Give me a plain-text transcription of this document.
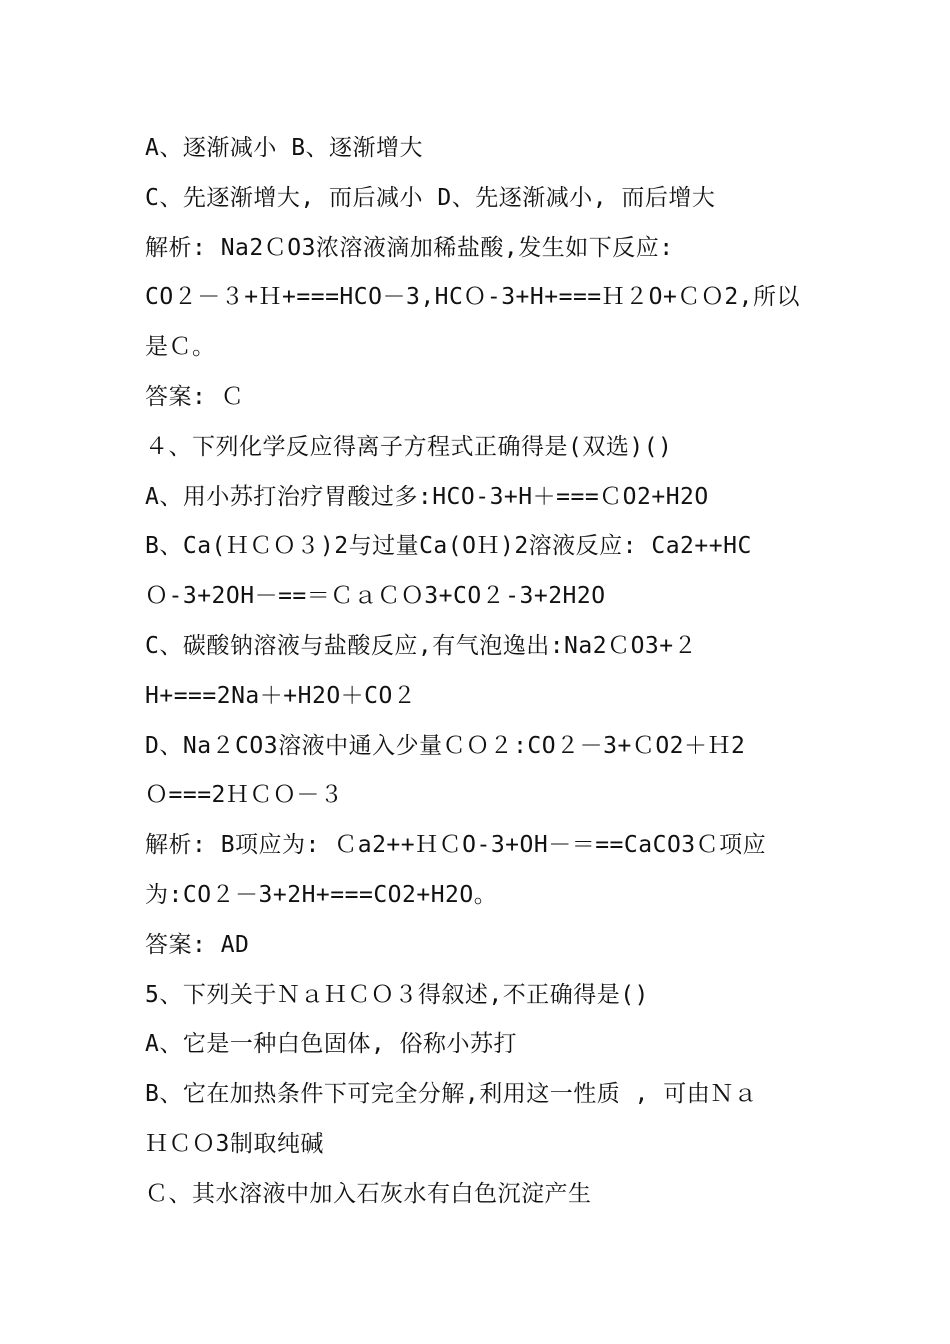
A、逐渐减小 B、逐渐增大
C、先逐渐增大, 而后减小 D、先逐渐减小, 而后增大
解析: Na2ＣO3浓溶液滴加稀盐酸,发生如下反应:
CO２－３+Ｈ+===HCO－3,HCＯ-3+H+===Ｈ２O+ＣＯ2,所以
是Ｃ。
答案: Ｃ
４、下列化学反应得离子方程式正确得是(双选)()
A、用小苏打治疗胃酸过多:HCO-3+H＋===ＣO2+H2O
B、Ca(ＨＣＯ３)2与过量Ca(OＨ)2溶液反应: Ca2++HC
Ｏ-3+2OH－==＝ＣａＣＯ3+CO２-3+2H2O
C、碳酸钠溶液与盐酸反应,有气泡逸出:Na2ＣO3+２
H+===2Na＋+H2O＋CO２
D、Na２CO3溶液中通入少量ＣＯ２:CO２－3+ＣO2＋Ｈ2
Ｏ===2ＨＣＯ－３
解析: B项应为: Ｃa2++ＨＣO-3+OH－＝==CaCO3Ｃ项应
为:CO２－3+2H+===CO2+H2O。
答案: AD
5、下列关于ＮａＨＣＯ３得叙述,不正确得是()
A、它是一种白色固体, 俗称小苏打
B、它在加热条件下可完全分解,利用这一性质 , 可由Ｎａ
ＨＣＯ3制取纯碱
Ｃ、其水溶液中加入石灰水有白色沉淀产生
